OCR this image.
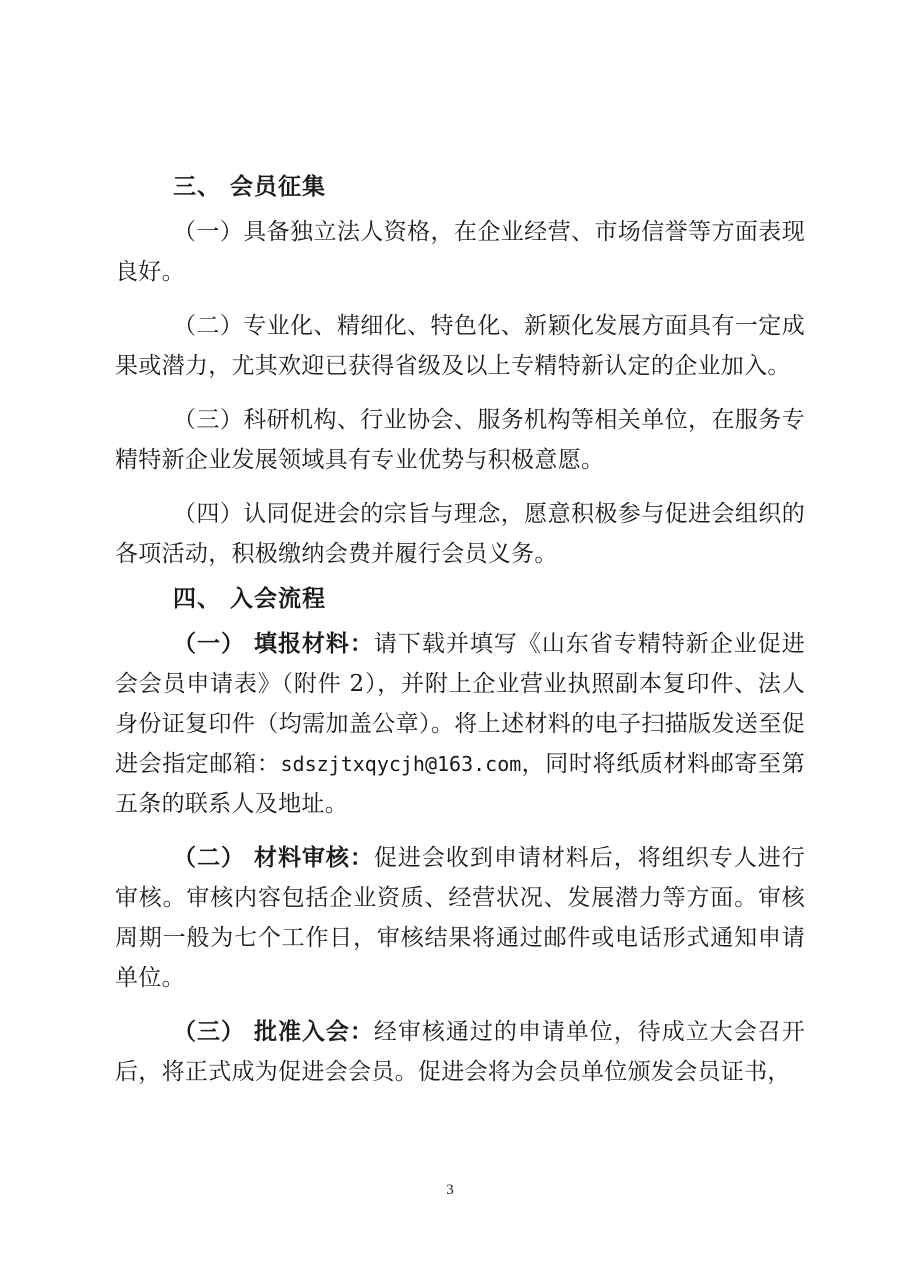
三、 会员征集

（一）具备独立法人资格，在企业经营、市场信誉等方面表现良好。

（二）专业化、精细化、特色化、新颖化发展方面具有一定成果或潜力，尤其欢迎已获得省级及以上专精特新认定的企业加入。

（三）科研机构、行业协会、服务机构等相关单位，在服务专精特新企业发展领域具有专业优势与积极意愿。

（四）认同促进会的宗旨与理念，愿意积极参与促进会组织的各项活动，积极缴纳会费并履行会员义务。

四、 入会流程

（一） 填报材料：请下载并填写《山东省专精特新企业促进会会员申请表》（附件 2），并附上企业营业执照副本复印件、法人身份证复印件（均需加盖公章）。将上述材料的电子扫描版发送至促进会指定邮箱：sdszjtxqycjh@163.com，同时将纸质材料邮寄至第五条的联系人及地址。

（二） 材料审核：促进会收到申请材料后，将组织专人进行审核。审核内容包括企业资质、经营状况、发展潜力等方面。审核周期一般为七个工作日，审核结果将通过邮件或电话形式通知申请单位。

（三） 批准入会：经审核通过的申请单位，待成立大会召开后，将正式成为促进会会员。促进会将为会员单位颁发会员证书，

3
